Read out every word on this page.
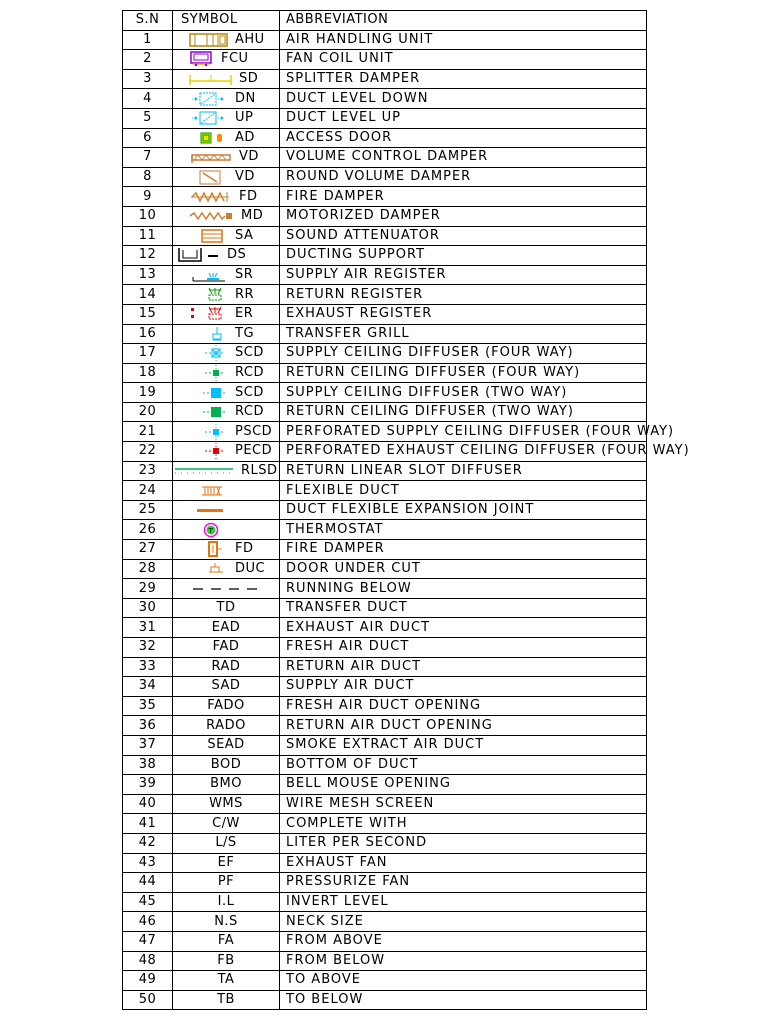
S.N	SYMBOL	ABBREVIATION
1	AHU	AIR HANDLING UNIT
2	FCU	FAN COIL UNIT
3	SD	SPLITTER DAMPER
4	DN	DUCT LEVEL DOWN
5	UP	DUCT LEVEL UP
6	AD	ACCESS DOOR
7	VD	VOLUME CONTROL DAMPER
8	VD	ROUND VOLUME DAMPER
9	FD	FIRE DAMPER
10	MD	MOTORIZED DAMPER
11	SA	SOUND ATTENUATOR
12	DS	DUCTING SUPPORT
13	SR	SUPPLY AIR REGISTER
14	RR	RETURN REGISTER
15	ER	EXHAUST REGISTER
16	TG	TRANSFER GRILL
17	SCD	SUPPLY CEILING DIFFUSER (FOUR WAY)
18	RCD	RETURN CEILING DIFFUSER (FOUR WAY)
19	SCD	SUPPLY CEILING DIFFUSER (TWO WAY)
20	RCD	RETURN CEILING DIFFUSER (TWO WAY)
21	PSCD	PERFORATED SUPPLY CEILING DIFFUSER (FOUR WAY)
22	PECD	PERFORATED EXHAUST CEILING DIFFUSER (FOUR WAY)
23	RLSD	RETURN LINEAR SLOT DIFFUSER
24		FLEXIBLE DUCT
25		DUCT FLEXIBLE EXPANSION JOINT
26	T	THERMOSTAT
27	FD	FIRE DAMPER
28	DUC	DOOR UNDER CUT
29		RUNNING BELOW
30	TD	TRANSFER DUCT
31	EAD	EXHAUST AIR DUCT
32	FAD	FRESH AIR DUCT
33	RAD	RETURN AIR DUCT
34	SAD	SUPPLY AIR DUCT
35	FADO	FRESH AIR DUCT OPENING
36	RADO	RETURN AIR DUCT OPENING
37	SEAD	SMOKE EXTRACT AIR DUCT
38	BOD	BOTTOM OF DUCT
39	BMO	BELL MOUSE OPENING
40	WMS	WIRE MESH SCREEN
41	C/W	COMPLETE WITH
42	L/S	LITER PER SECOND
43	EF	EXHAUST FAN
44	PF	PRESSURIZE FAN
45	I.L	INVERT LEVEL
46	N.S	NECK SIZE
47	FA	FROM ABOVE
48	FB	FROM BELOW
49	TA	TO ABOVE
50	TB	TO BELOW
